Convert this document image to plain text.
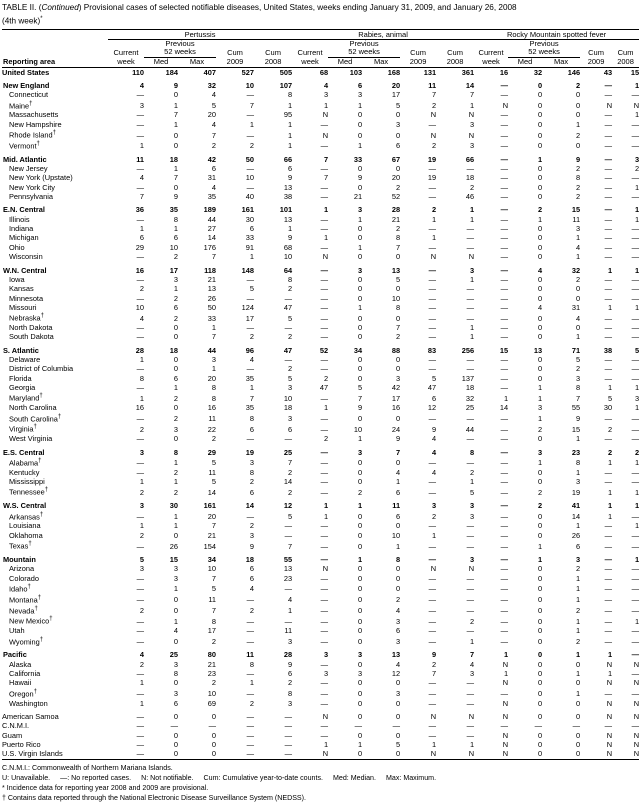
TABLE II. (Continued) Provisional cases of selected notifiable diseases, United States, weeks ending January 31, 2009, and January 26, 2008
(4th week)*
	Pertussis					Rabies, animal					Rocky Mountain spotted fever				
		Previous					Previous					Previous			
	Current	52 weeks		Cum	Cum	Current	52 weeks		Cum	Cum	Current	52 weeks		Cum	Cum
Reporting area	week	Med	Max	2009	2008	week	Med	Max	2009	2008	week	Med	Max	2009	2008
United States	110	184	407	527	505	68	103	168	131	361	16	32	146	43	15

New England	4	9	32	10	107	4	6	20	11	14	—	0	2	—	1
Connecticut	—	0	4	—	8	3	3	17	7	7	—	0	0	—	—
Maine†	3	1	5	7	1	1	1	5	2	1	N	0	0	N	N
Massachusetts	—	7	20	—	95	N	0	0	N	N	—	0	0	—	1
New Hampshire	—	1	4	1	1	—	0	3	—	3	—	0	1	—	—
Rhode Island†	—	0	7	—	1	N	0	0	N	N	—	0	2	—	—
Vermont†	1	0	2	2	1	—	1	6	2	3	—	0	0	—	—

Mid. Atlantic	11	18	42	50	66	7	33	67	19	66	—	1	9	—	3
New Jersey	—	1	6	—	6	—	0	0	—	—	—	0	2	—	2
New York (Upstate)	4	7	31	10	9	7	9	20	19	18	—	0	8	—	—
New York City	—	0	4	—	13	—	0	2	—	2	—	0	2	—	1
Pennsylvania	7	9	35	40	38	—	21	52	—	46	—	0	2	—	—

E.N. Central	36	35	189	161	101	1	3	28	2	1	—	2	15	—	1
Illinois	—	8	44	30	13	—	1	21	1	1	—	1	11	—	1
Indiana	1	1	27	6	1	—	0	2	—	—	—	0	3	—	—
Michigan	6	6	14	33	9	1	0	8	1	—	—	0	1	—	—
Ohio	29	10	176	91	68	—	1	7	—	—	—	0	4	—	—
Wisconsin	—	2	7	1	10	N	0	0	N	N	—	0	1	—	—

W.N. Central	16	17	118	148	64	—	3	13	—	3	—	4	32	1	1
Iowa	—	3	21	—	8	—	0	5	—	1	—	0	2	—	—
Kansas	2	1	13	5	2	—	0	0	—	—	—	0	0	—	—
Minnesota	—	2	26	—	—	—	0	10	—	—	—	0	0	—	—
Missouri	10	6	50	124	47	—	1	8	—	—	—	4	31	1	1
Nebraska†	4	2	33	17	5	—	0	0	—	—	—	0	4	—	—
North Dakota	—	0	1	—	—	—	0	7	—	1	—	0	0	—	—
South Dakota	—	0	7	2	2	—	0	2	—	1	—	0	1	—	—

S. Atlantic	28	18	44	96	47	52	34	88	83	256	15	13	71	38	5
Delaware	1	0	3	4	—	—	0	0	—	—	—	0	5	—	—
District of Columbia	—	0	1	—	2	—	0	0	—	—	—	0	2	—	—
Florida	8	6	20	35	5	2	0	3	5	137	—	0	3	—	—
Georgia	—	1	8	1	3	47	5	42	47	18	—	1	8	1	1
Maryland†	1	2	8	7	10	—	7	17	6	32	1	1	7	5	3
North Carolina	16	0	16	35	18	1	9	16	12	25	14	3	55	30	1
South Carolina†	—	2	11	8	3	—	0	0	—	—	—	1	9	—	—
Virginia†	2	3	22	6	6	—	10	24	9	44	—	2	15	2	—
West Virginia	—	0	2	—	—	2	1	9	4	—	—	0	1	—	—

E.S. Central	3	8	29	19	25	—	3	7	4	8	—	3	23	2	2
Alabama†	—	1	5	3	7	—	0	0	—	—	—	1	8	1	1
Kentucky	—	2	11	8	2	—	0	4	4	2	—	0	1	—	—
Mississippi	1	1	5	2	14	—	0	1	—	1	—	0	3	—	—
Tennessee†	2	2	14	6	2	—	2	6	—	5	—	2	19	1	1

W.S. Central	3	30	161	14	12	1	1	11	3	3	—	2	41	1	1
Arkansas†	—	1	20	—	5	1	0	6	2	3	—	0	14	1	—
Louisiana	1	1	7	2	—	—	0	0	—	—	—	0	1	—	1
Oklahoma	2	0	21	3	—	—	0	10	1	—	—	0	26	—	—
Texas†	—	26	154	9	7	—	0	1	—	—	—	1	6	—	—

Mountain	5	15	34	18	55	—	1	8	—	3	—	1	3	—	1
Arizona	3	3	10	6	13	N	0	0	N	N	—	0	2	—	—
Colorado	—	3	7	6	23	—	0	0	—	—	—	0	1	—	—
Idaho†	—	1	5	4	—	—	0	0	—	—	—	0	1	—	—
Montana†	—	0	11	—	4	—	0	2	—	—	—	0	1	—	—
Nevada†	2	0	7	2	1	—	0	4	—	—	—	0	2	—	—
New Mexico†	—	1	8	—	—	—	0	3	—	2	—	0	1	—	1
Utah	—	4	17	—	11	—	0	6	—	—	—	0	1	—	—
Wyoming†	—	0	2	—	3	—	0	3	—	1	—	0	2	—	—

Pacific	4	25	80	11	28	3	3	13	9	7	1	0	1	1	—
Alaska	2	3	21	8	9	—	0	4	2	4	N	0	0	N	N
California	—	8	23	—	6	3	3	12	7	3	1	0	1	1	—
Hawaii	1	0	2	1	2	—	0	0	—	—	N	0	0	N	N
Oregon†	—	3	10	—	8	—	0	3	—	—	—	0	1	—	—
Washington	1	6	69	2	3	—	0	0	—	—	N	0	0	N	N

American Samoa	—	0	0	—	—	N	0	0	N	N	N	0	0	N	N
C.N.M.I.	—	—	—	—	—	—	—	—	—	—	—	—	—	—	—
Guam	—	0	0	—	—	—	0	0	—	—	N	0	0	N	N
Puerto Rico	—	0	0	—	—	1	1	5	1	1	N	0	0	N	N
U.S. Virgin Islands	—	0	0	—	—	N	0	0	N	N	N	0	0	N	N
C.N.M.I.: Commonwealth of Northern Mariana Islands.
U: Unavailable. —: No reported cases. N: Not notifiable. Cum: Cumulative year-to-date counts. Med: Median. Max: Maximum.
* Incidence data for reporting year 2008 and 2009 are provisional.
† Contains data reported through the National Electronic Disease Surveillance System (NEDSS).
